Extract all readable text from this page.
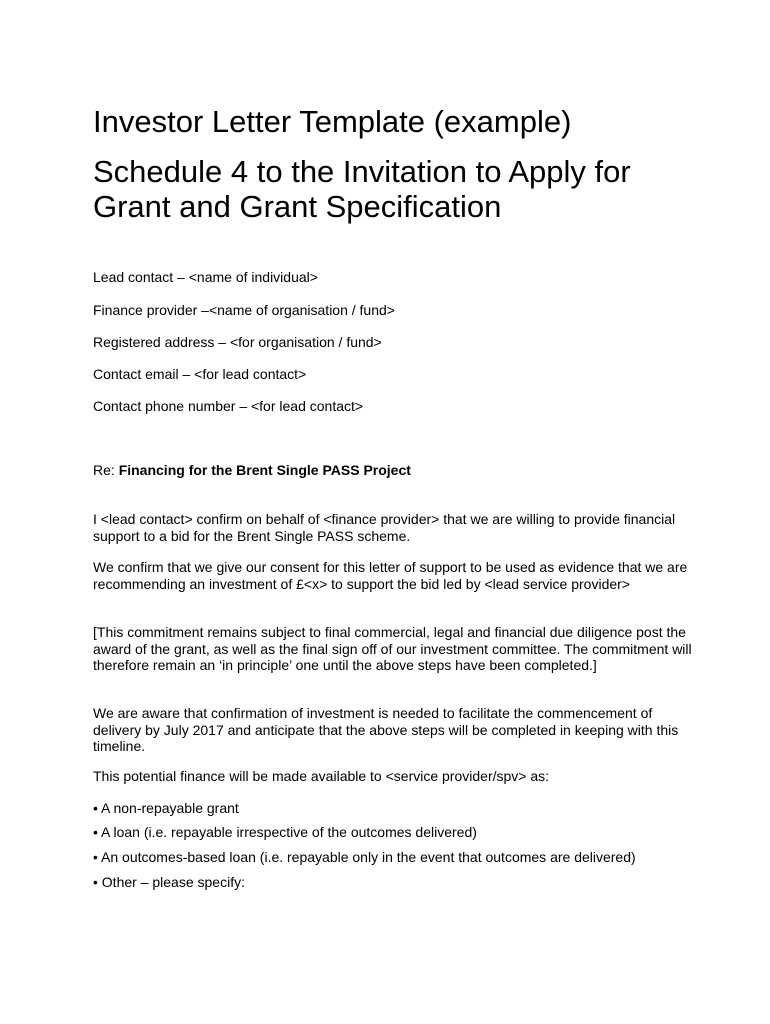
Investor Letter Template (example)
Schedule 4 to the Invitation to Apply for Grant and Grant Specification

Lead contact – <name of individual>

Finance provider –<name of organisation / fund>

Registered address – <for organisation / fund>

Contact email – <for lead contact>

Contact phone number – <for lead contact>

Re: Financing for the Brent Single PASS Project

I <lead contact> confirm on behalf of <finance provider> that we are willing to provide financial support to a bid for the Brent Single PASS scheme.

We confirm that we give our consent for this letter of support to be used as evidence that we are recommending an investment of £<x> to support the bid led by <lead service provider>

[This commitment remains subject to final commercial, legal and financial due diligence post the award of the grant, as well as the final sign off of our investment committee. The commitment will therefore remain an ‘in principle’ one until the above steps have been completed.]

We are aware that confirmation of investment is needed to facilitate the commencement of delivery by July 2017 and anticipate that the above steps will be completed in keeping with this timeline.

This potential finance will be made available to <service provider/spv> as:

• A non-repayable grant

• A loan (i.e. repayable irrespective of the outcomes delivered)

• An outcomes-based loan (i.e. repayable only in the event that outcomes are delivered)

• Other – please specify:
